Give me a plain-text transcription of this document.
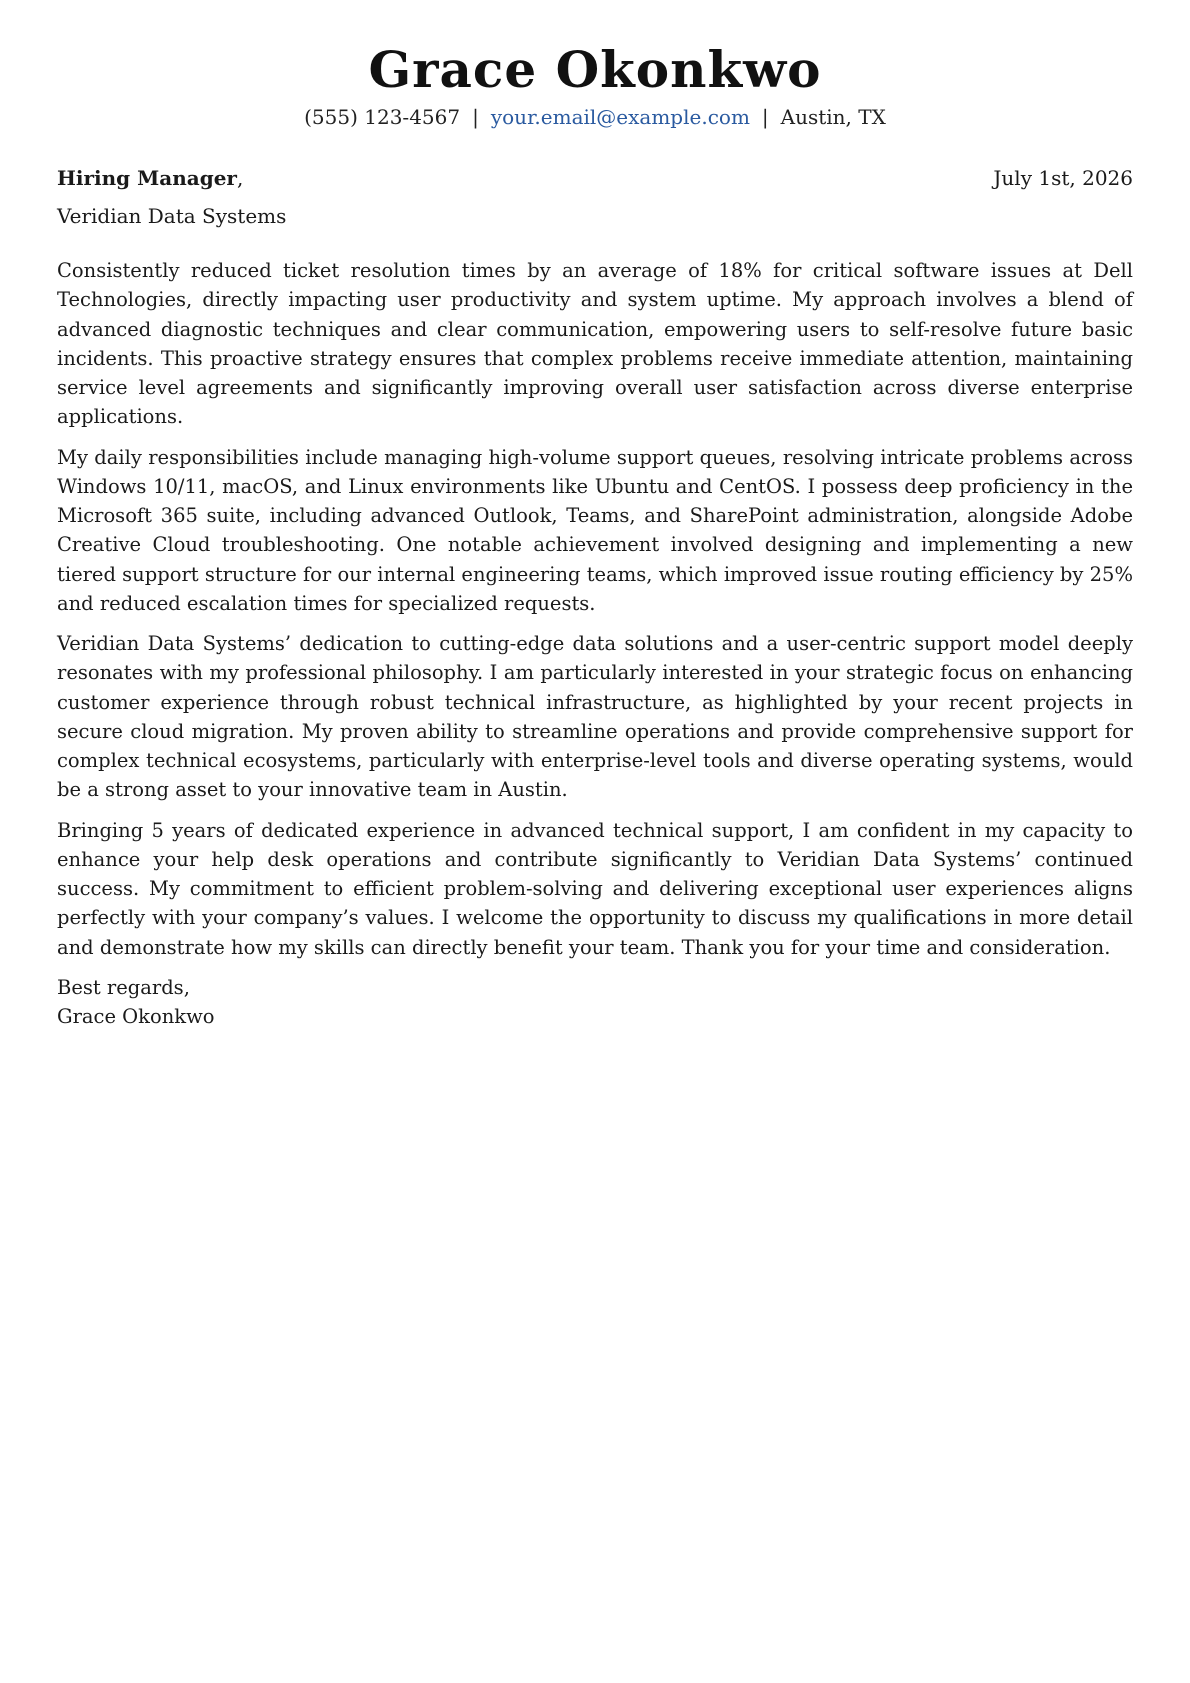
Grace Okonkwo
(555) 123-4567 | your.email@example.com | Austin, TX
Hiring Manager,	July 1st, 2026
Veridian Data Systems

Consistently reduced ticket resolution times by an average of 18% for critical software issues at Dell Technologies, directly impacting user productivity and system uptime. My approach involves a blend of advanced diagnostic techniques and clear communication, empowering users to self-resolve future basic incidents. This proactive strategy ensures that complex problems receive immediate attention, maintaining service level agreements and significantly improving overall user satisfaction across diverse enterprise applications.

My daily responsibilities include managing high-volume support queues, resolving intricate problems across Windows 10/11, macOS, and Linux environments like Ubuntu and CentOS. I possess deep proficiency in the Microsoft 365 suite, including advanced Outlook, Teams, and SharePoint administration, alongside Adobe Creative Cloud troubleshooting. One notable achievement involved designing and implementing a new tiered support structure for our internal engineering teams, which improved issue routing efficiency by 25% and reduced escalation times for specialized requests.

Veridian Data Systems’ dedication to cutting-edge data solutions and a user-centric support model deeply resonates with my professional philosophy. I am particularly interested in your strategic focus on enhancing customer experience through robust technical infrastructure, as highlighted by your recent projects in secure cloud migration. My proven ability to streamline operations and provide comprehensive support for complex technical ecosystems, particularly with enterprise-level tools and diverse operating systems, would be a strong asset to your innovative team in Austin.

Bringing 5 years of dedicated experience in advanced technical support, I am confident in my capacity to enhance your help desk operations and contribute significantly to Veridian Data Systems’ continued success. My commitment to efficient problem-solving and delivering exceptional user experiences aligns perfectly with your company’s values. I welcome the opportunity to discuss my qualifications in more detail and demonstrate how my skills can directly benefit your team. Thank you for your time and consideration.

Best regards,
Grace Okonkwo
